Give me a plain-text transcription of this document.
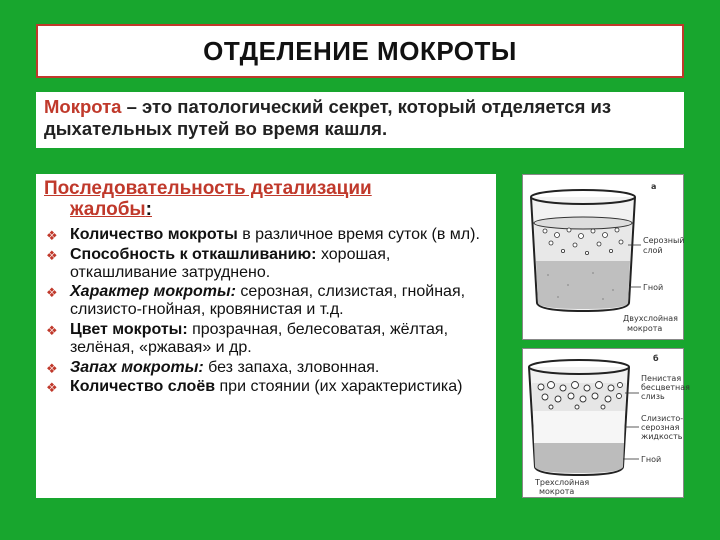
ОТДЕЛЕНИЕ МОКРОТЫ
Мокрота – это патологический секрет, который отделяется из дыхательных путей во время кашля.
Последовательность детализации
жалобы:
❖ Количество мокроты в различное время суток (в мл).
❖ Способность к откашливанию: хорошая, откашливание затруднено.
❖ Характер мокроты: серозная, слизистая, гнойная, слизисто-гнойная, кровянистая и т.д.
❖ Цвет мокроты: прозрачная, белесоватая, жёлтая, зелёная, «ржавая» и др.
❖ Запах мокроты: без запаха, зловонная.
❖ Количество слоёв при стоянии (их характеристика)
а
Серозный
слой
Гной
Двухслойная
мокрота
б
Пенистая
бесцветная
слизь
Слизисто-
серозная
жидкость
Гной
Трехслойная
мокрота
